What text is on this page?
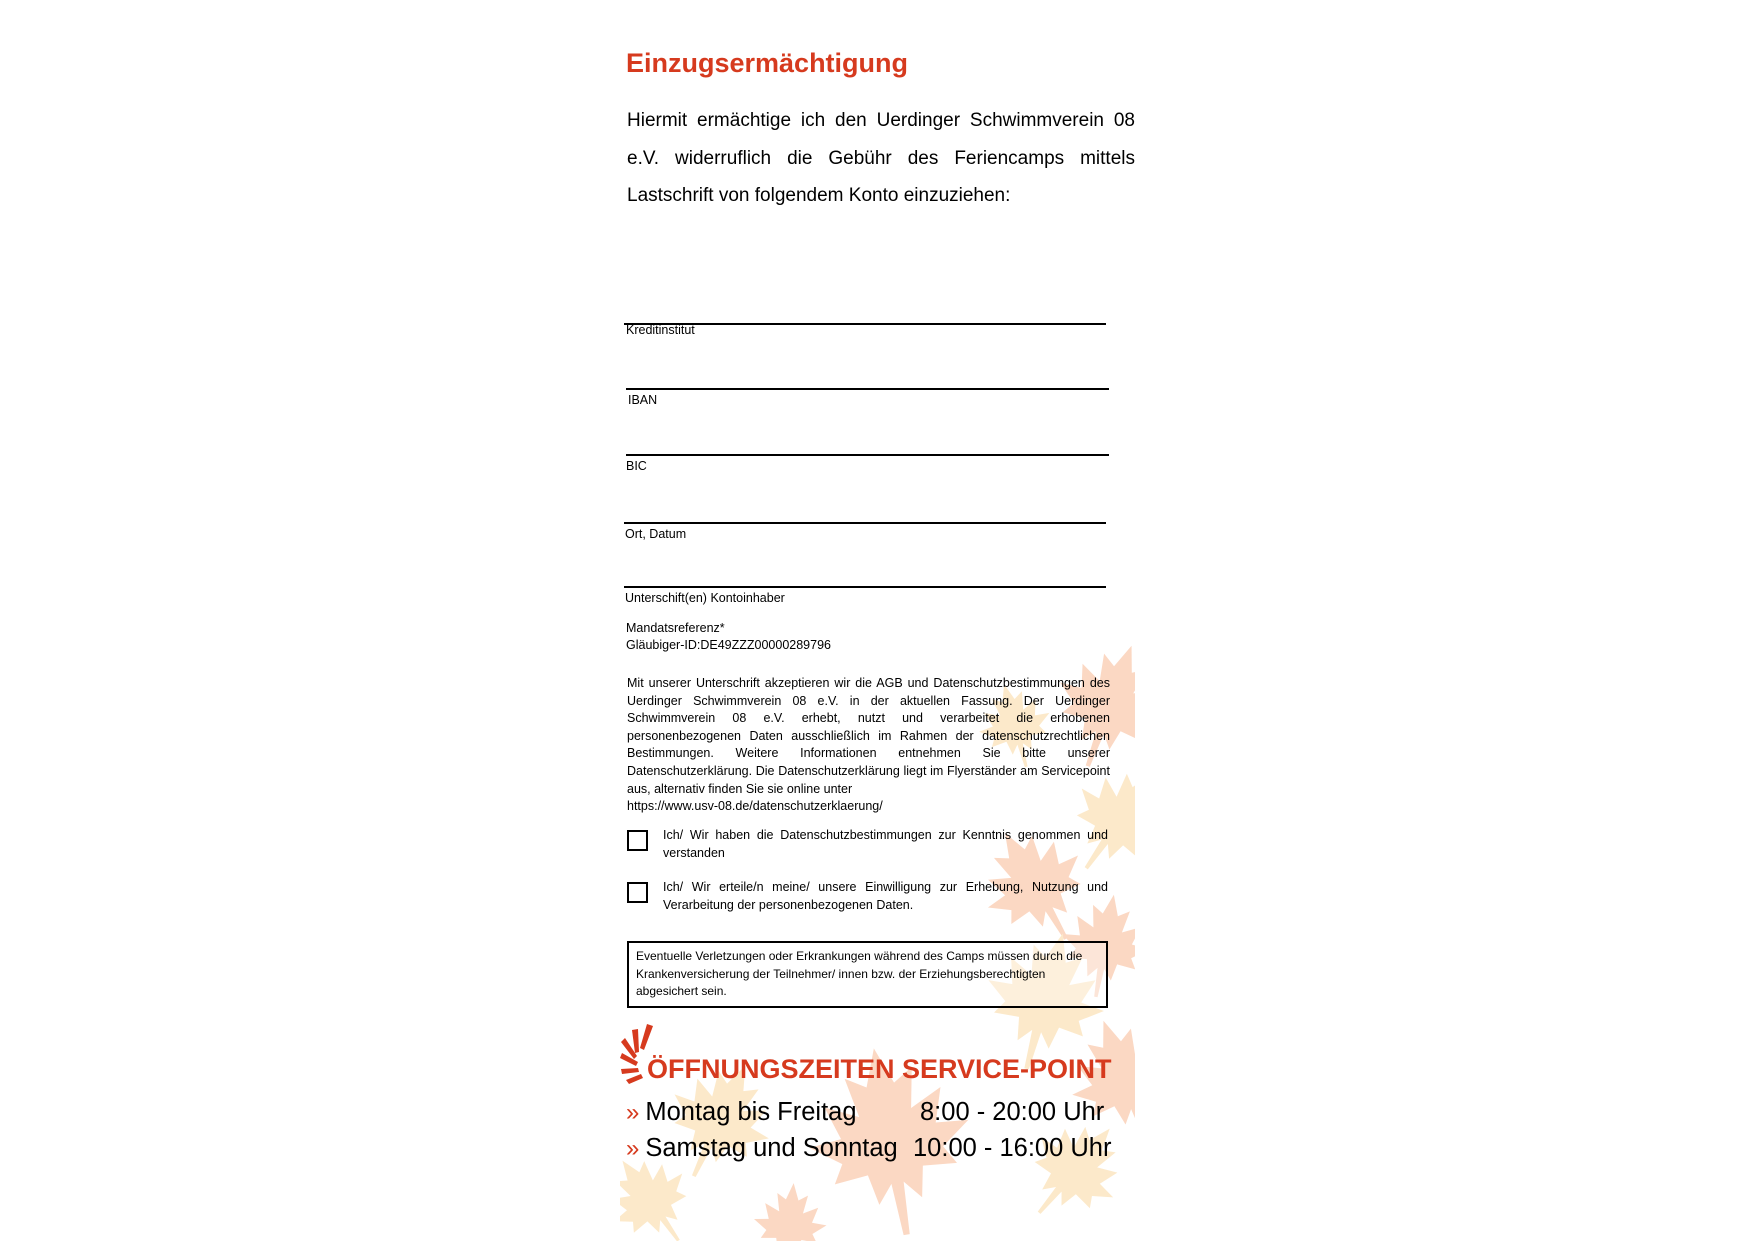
Einzugsermächtigung

Hiermit ermächtige ich den Uerdinger Schwimmverein 08 e.V. widerruflich die Gebühr des Feriencamps mittels Lastschrift von folgendem Konto einzuziehen:

Kreditinstitut
IBAN
BIC
Ort, Datum
Unterschift(en) Kontoinhaber
Mandatsreferenz*
Gläubiger-ID:DE49ZZZ00000289796

Mit unserer Unterschrift akzeptieren wir die AGB und Datenschutzbestimmungen des Uerdinger Schwimmverein 08 e.V. in der aktuellen Fassung. Der Uerdinger Schwimmverein 08 e.V. erhebt, nutzt und verarbeitet die erhobenen personenbezogenen Daten ausschließlich im Rahmen der datenschutzrechtlichen Bestimmungen. Weitere Informationen entnehmen Sie bitte unserer Datenschutzerklärung. Die Datenschutzerklärung liegt im Flyerständer am Servicepoint aus, alternativ finden Sie sie online unter
https://www.usv-08.de/datenschutzerklaerung/

Ich/ Wir haben die Datenschutzbestimmungen zur Kenntnis genommen und verstanden
Ich/ Wir erteile/n meine/ unsere Einwilligung zur Erhebung, Nutzung und Verarbeitung der personenbezogenen Daten.
Eventuelle Verletzungen oder Erkrankungen während des Camps müssen durch die Krankenversicherung der Teilnehmer/ innen bzw. der Erziehungsberechtigten abgesichert sein.
ÖFFNUNGSZEITEN SERVICE-POINT
» Montag bis Freitag 8:00 - 20:00 Uhr
» Samstag und Sonntag 10:00 - 16:00 Uhr
